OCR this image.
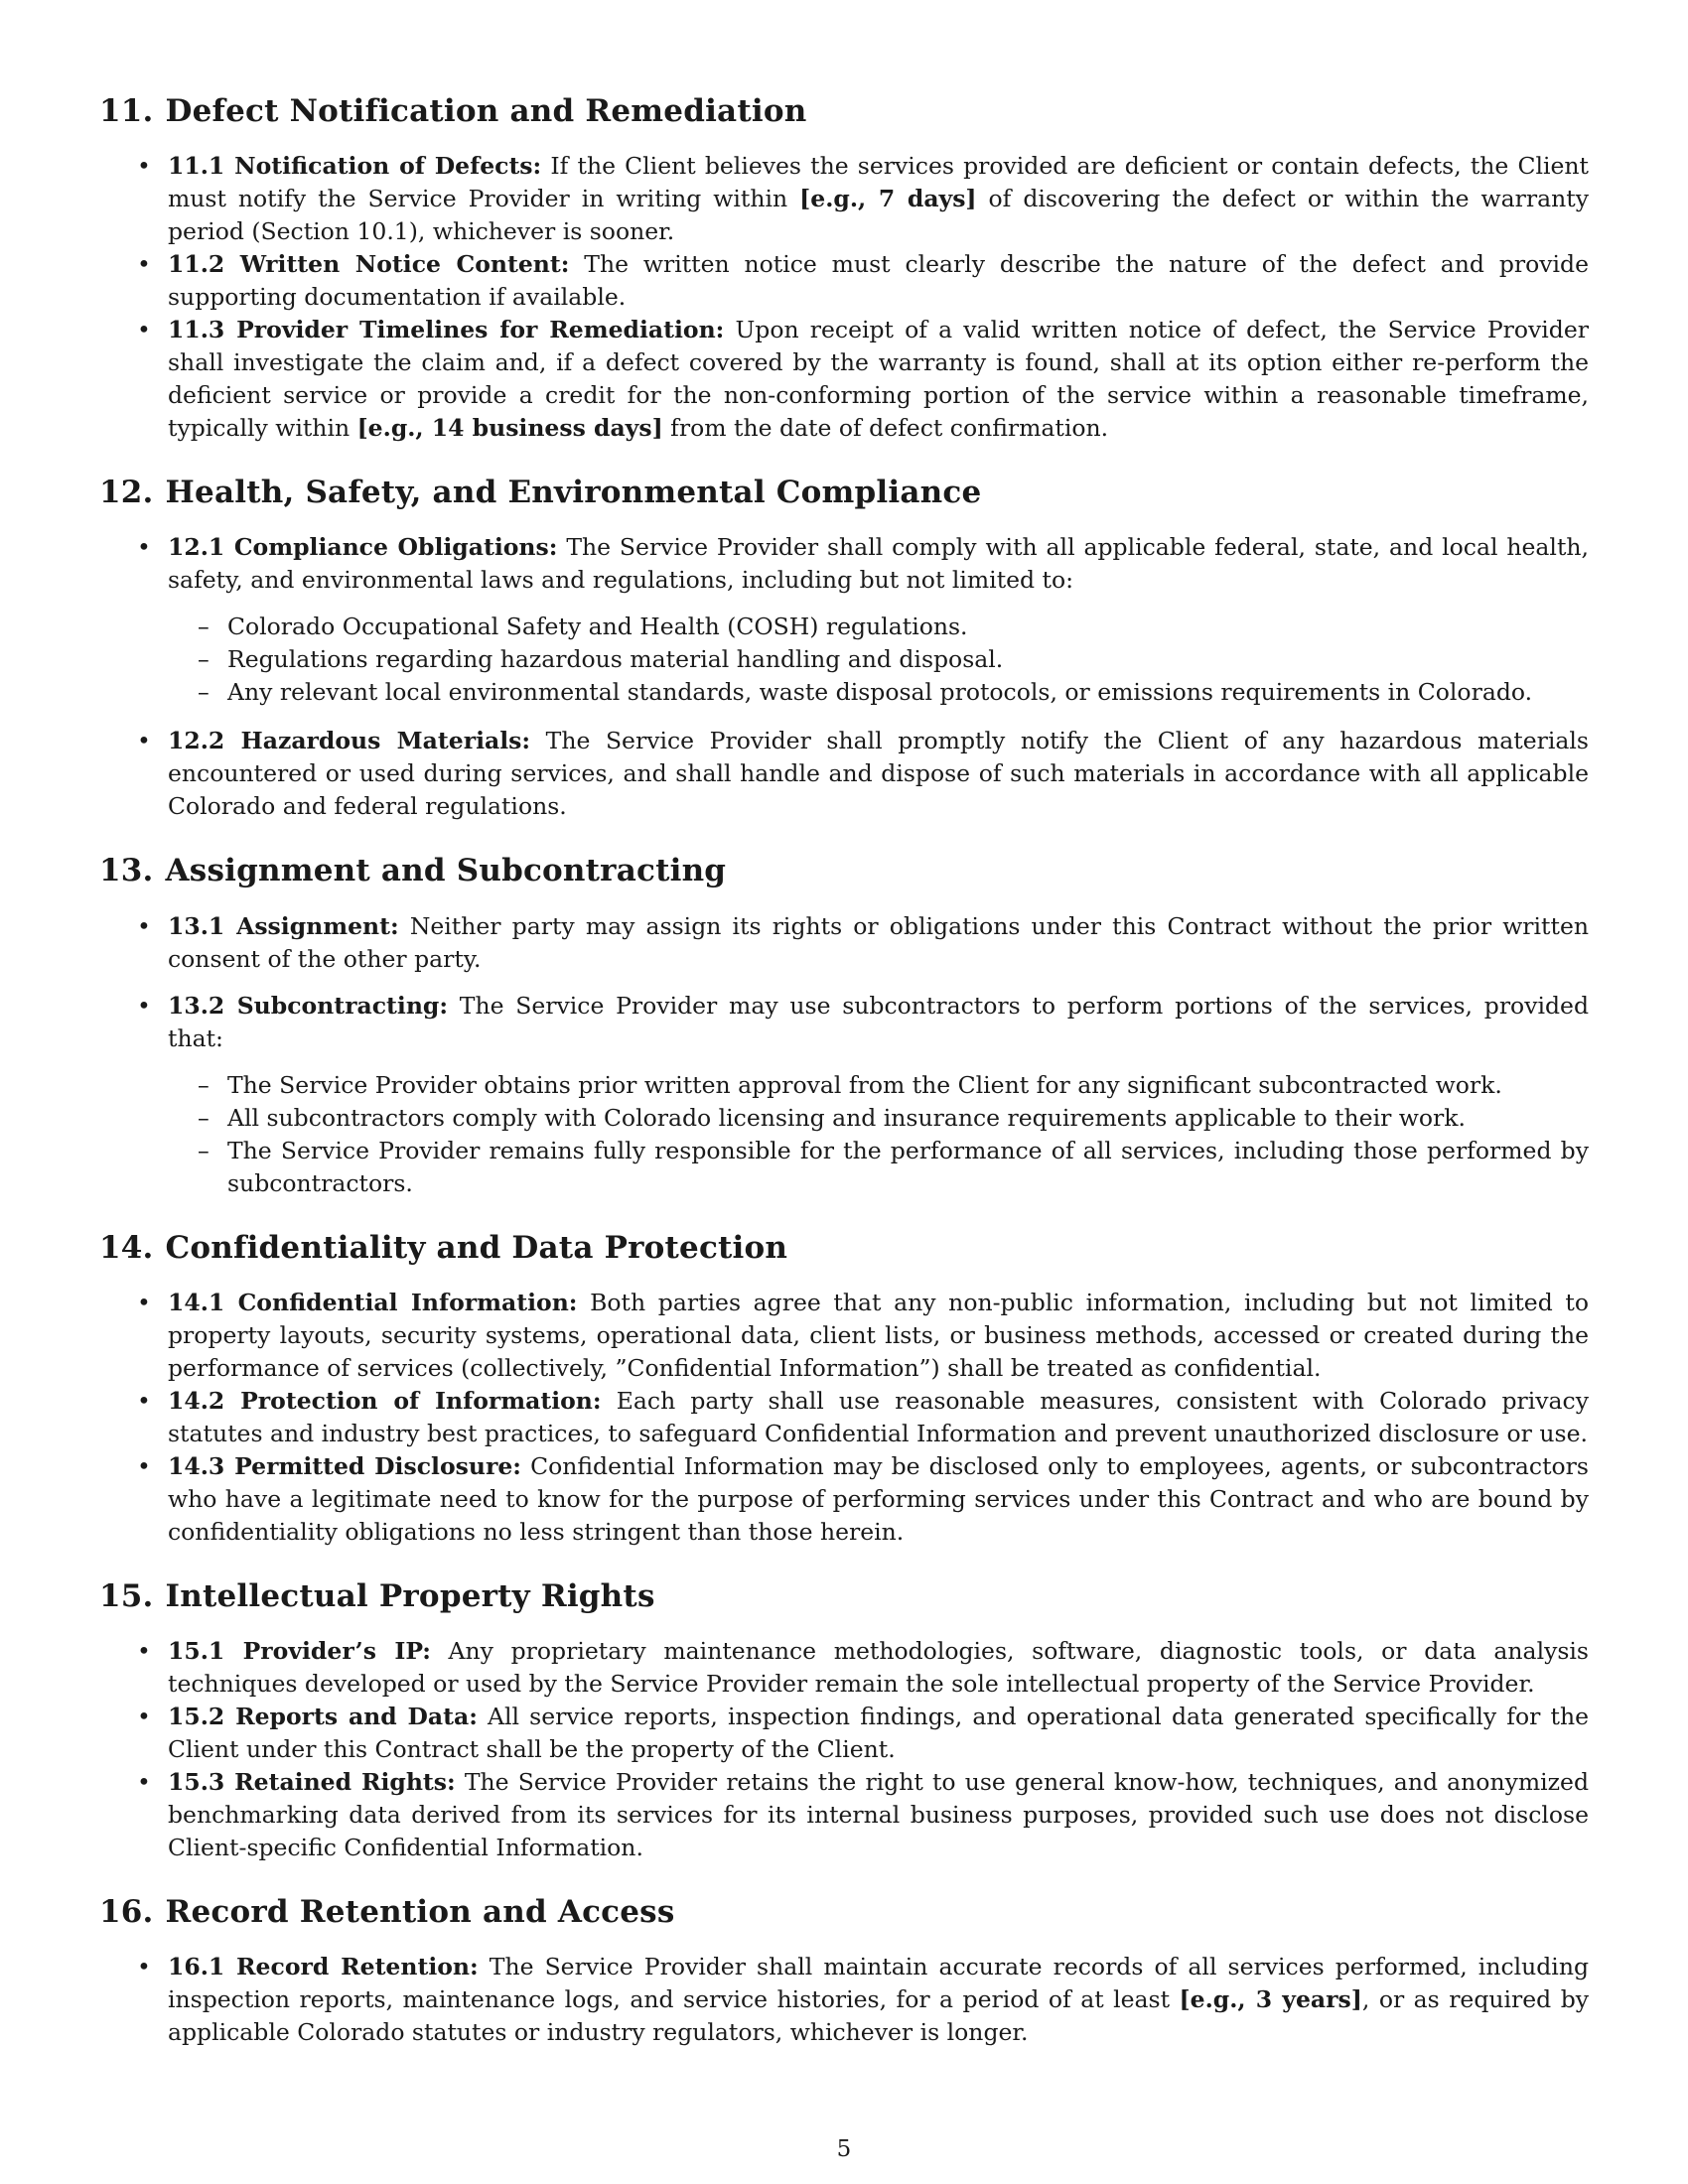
11. Defect Notification and Remediation
• 11.1 Notification of Defects: If the Client believes the services provided are deficient or contain defects, the Client must notify the Service Provider in writing within [e.g., 7 days] of discovering the defect or within the warranty period (Section 10.1), whichever is sooner.
• 11.2 Written Notice Content: The written notice must clearly describe the nature of the defect and provide supporting documentation if available.
• 11.3 Provider Timelines for Remediation: Upon receipt of a valid written notice of defect, the Service Provider shall investigate the claim and, if a defect covered by the warranty is found, shall at its option either re-perform the deficient service or provide a credit for the non-conforming portion of the service within a reasonable timeframe, typically within [e.g., 14 business days] from the date of defect confirmation.
12. Health, Safety, and Environmental Compliance
• 12.1 Compliance Obligations: The Service Provider shall comply with all applicable federal, state, and local health, safety, and environmental laws and regulations, including but not limited to:
– Colorado Occupational Safety and Health (COSH) regulations.
– Regulations regarding hazardous material handling and disposal.
– Any relevant local environmental standards, waste disposal protocols, or emissions requirements in Colorado.
• 12.2 Hazardous Materials: The Service Provider shall promptly notify the Client of any hazardous materials encountered or used during services, and shall handle and dispose of such materials in accordance with all applicable Colorado and federal regulations.
13. Assignment and Subcontracting
• 13.1 Assignment: Neither party may assign its rights or obligations under this Contract without the prior written consent of the other party.
• 13.2 Subcontracting: The Service Provider may use subcontractors to perform portions of the services, provided that:
– The Service Provider obtains prior written approval from the Client for any significant subcontracted work.
– All subcontractors comply with Colorado licensing and insurance requirements applicable to their work.
– The Service Provider remains fully responsible for the performance of all services, including those performed by subcontractors.
14. Confidentiality and Data Protection
• 14.1 Confidential Information: Both parties agree that any non-public information, including but not limited to property layouts, security systems, operational data, client lists, or business methods, accessed or created during the performance of services (collectively, ”Confidential Information”) shall be treated as confidential.
• 14.2 Protection of Information: Each party shall use reasonable measures, consistent with Colorado privacy statutes and industry best practices, to safeguard Confidential Information and prevent unauthorized disclosure or use.
• 14.3 Permitted Disclosure: Confidential Information may be disclosed only to employees, agents, or subcontractors who have a legitimate need to know for the purpose of performing services under this Contract and who are bound by confidentiality obligations no less stringent than those herein.
15. Intellectual Property Rights
• 15.1 Provider’s IP: Any proprietary maintenance methodologies, software, diagnostic tools, or data analysis techniques developed or used by the Service Provider remain the sole intellectual property of the Service Provider.
• 15.2 Reports and Data: All service reports, inspection findings, and operational data generated specifically for the Client under this Contract shall be the property of the Client.
• 15.3 Retained Rights: The Service Provider retains the right to use general know-how, techniques, and anonymized benchmarking data derived from its services for its internal business purposes, provided such use does not disclose Client-specific Confidential Information.
16. Record Retention and Access
• 16.1 Record Retention: The Service Provider shall maintain accurate records of all services performed, including inspection reports, maintenance logs, and service histories, for a period of at least [e.g., 3 years], or as required by applicable Colorado statutes or industry regulators, whichever is longer.
5
